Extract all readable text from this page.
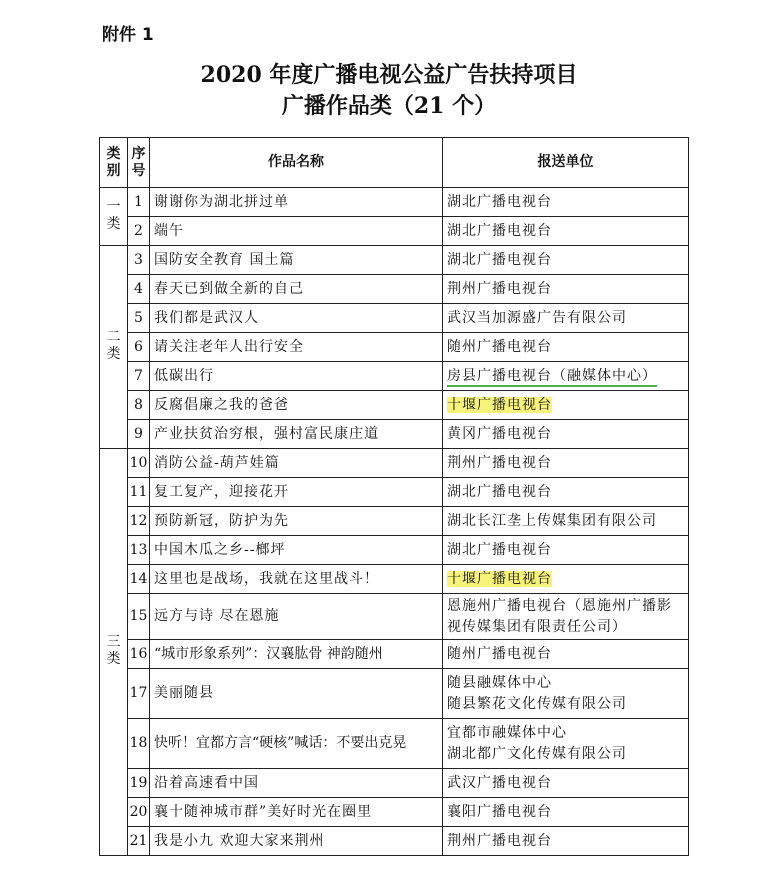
附件 1
2020 年度广播电视公益广告扶持项目
广播作品类（21 个）
类别	序号	作品名称	报送单位
一类	1	谢谢你为湖北拼过单	湖北广播电视台
	2	端午	湖北广播电视台
二类	3	国防安全教育 国土篇	湖北广播电视台
	4	春天已到做全新的自己	荆州广播电视台
	5	我们都是武汉人	武汉当加源盛广告有限公司
	6	请关注老年人出行安全	随州广播电视台
	7	低碳出行	房县广播电视台（融媒体中心）
	8	反腐倡廉之我的爸爸	十堰广播电视台
	9	产业扶贫治穷根，强村富民康庄道	黄冈广播电视台
三类	10	消防公益-葫芦娃篇	荆州广播电视台
	11	复工复产，迎接花开	湖北广播电视台
	12	预防新冠，防护为先	湖北长江垄上传媒集团有限公司
	13	中国木瓜之乡--榔坪	湖北广播电视台
	14	这里也是战场，我就在这里战斗！	十堰广播电视台
	15	远方与诗 尽在恩施	恩施州广播电视台（恩施州广播影视传媒集团有限责任公司）
	16	“城市形象系列”：汉襄肱骨 神韵随州	随州广播电视台
	17	美丽随县	随县融媒体中心
随县繁花文化传媒有限公司

	18	快听！宜都方言“硬核”喊话：不要出克晃	宜都市融媒体中心
湖北都广文化传媒有限公司

	19	沿着高速看中国	武汉广播电视台
	20	襄十随神城市群”美好时光在圈里	襄阳广播电视台
	21	我是小九 欢迎大家来荆州	荆州广播电视台
